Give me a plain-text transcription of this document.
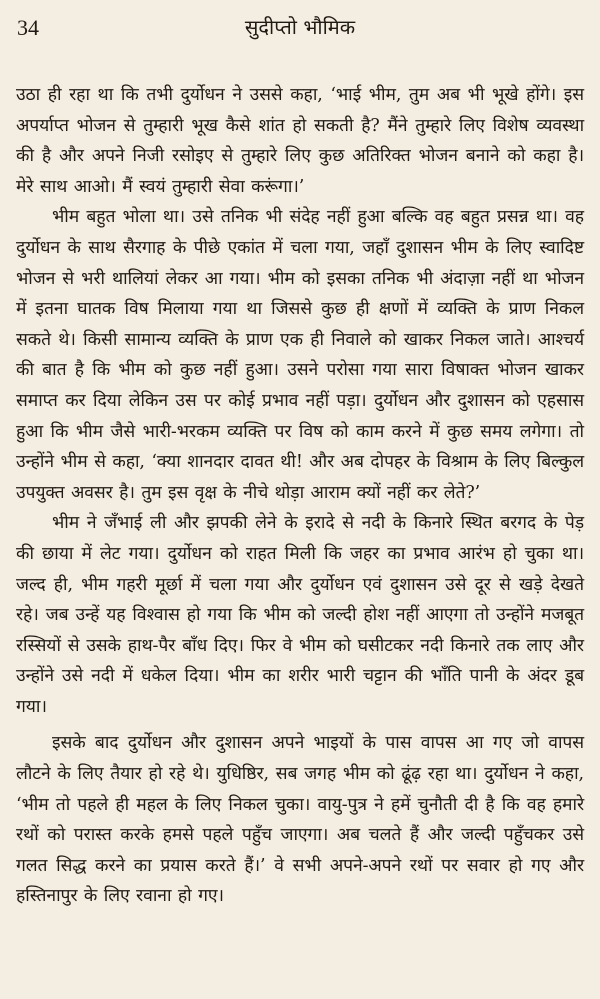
34	सुदीप्तो भौमिक

उठा ही रहा था कि तभी दुर्योधन ने उससे कहा, ‘भाई भीम, तुम अब भी भूखे होंगे। इस अपर्याप्त भोजन से तुम्हारी भूख कैसे शांत हो सकती है? मैंने तुम्हारे लिए विशेष व्यवस्था की है और अपने निजी रसोइए से तुम्हारे लिए कुछ अतिरिक्त भोजन बनाने को कहा है। मेरे साथ आओ। मैं स्वयं तुम्हारी सेवा करूंगा।’

भीम बहुत भोला था। उसे तनिक भी संदेह नहीं हुआ बल्कि वह बहुत प्रसन्न था। वह दुर्योधन के साथ सैरगाह के पीछे एकांत में चला गया, जहाँ दुशासन भीम के लिए स्वादिष्ट भोजन से भरी थालियां लेकर आ गया। भीम को इसका तनिक भी अंदाज़ा नहीं था भोजन में इतना घातक विष मिलाया गया था जिससे कुछ ही क्षणों में व्यक्ति के प्राण निकल सकते थे। किसी सामान्य व्यक्ति के प्राण एक ही निवाले को खाकर निकल जाते। आश्चर्य की बात है कि भीम को कुछ नहीं हुआ। उसने परोसा गया सारा विषाक्त भोजन खाकर समाप्त कर दिया लेकिन उस पर कोई प्रभाव नहीं पड़ा। दुर्योधन और दुशासन को एहसास हुआ कि भीम जैसे भारी-भरकम व्यक्ति पर विष को काम करने में कुछ समय लगेगा। तो उन्होंने भीम से कहा, ‘क्या शानदार दावत थी! और अब दोपहर के विश्राम के लिए बिल्कुल उपयुक्त अवसर है। तुम इस वृक्ष के नीचे थोड़ा आराम क्यों नहीं कर लेते?’

भीम ने जँभाई ली और झपकी लेने के इरादे से नदी के किनारे स्थित बरगद के पेड़ की छाया में लेट गया। दुर्योधन को राहत मिली कि जहर का प्रभाव आरंभ हो चुका था। जल्द ही, भीम गहरी मूर्छा में चला गया और दुर्योधन एवं दुशासन उसे दूर से खड़े देखते रहे। जब उन्हें यह विश्वास हो गया कि भीम को जल्दी होश नहीं आएगा तो उन्होंने मजबूत रस्सियों से उसके हाथ-पैर बाँध दिए। फिर वे भीम को घसीटकर नदी किनारे तक लाए और उन्होंने उसे नदी में धकेल दिया। भीम का शरीर भारी चट्टान की भाँति पानी के अंदर डूब गया।

इसके बाद दुर्योधन और दुशासन अपने भाइयों के पास वापस आ गए जो वापस लौटने के लिए तैयार हो रहे थे। युधिष्ठिर, सब जगह भीम को ढूंढ़ रहा था। दुर्योधन ने कहा, ‘भीम तो पहले ही महल के लिए निकल चुका। वायु-पुत्र ने हमें चुनौती दी है कि वह हमारे रथों को परास्त करके हमसे पहले पहुँच जाएगा। अब चलते हैं और जल्दी पहुँचकर उसे गलत सिद्ध करने का प्रयास करते हैं।’ वे सभी अपने-अपने रथों पर सवार हो गए और हस्तिनापुर के लिए रवाना हो गए।
